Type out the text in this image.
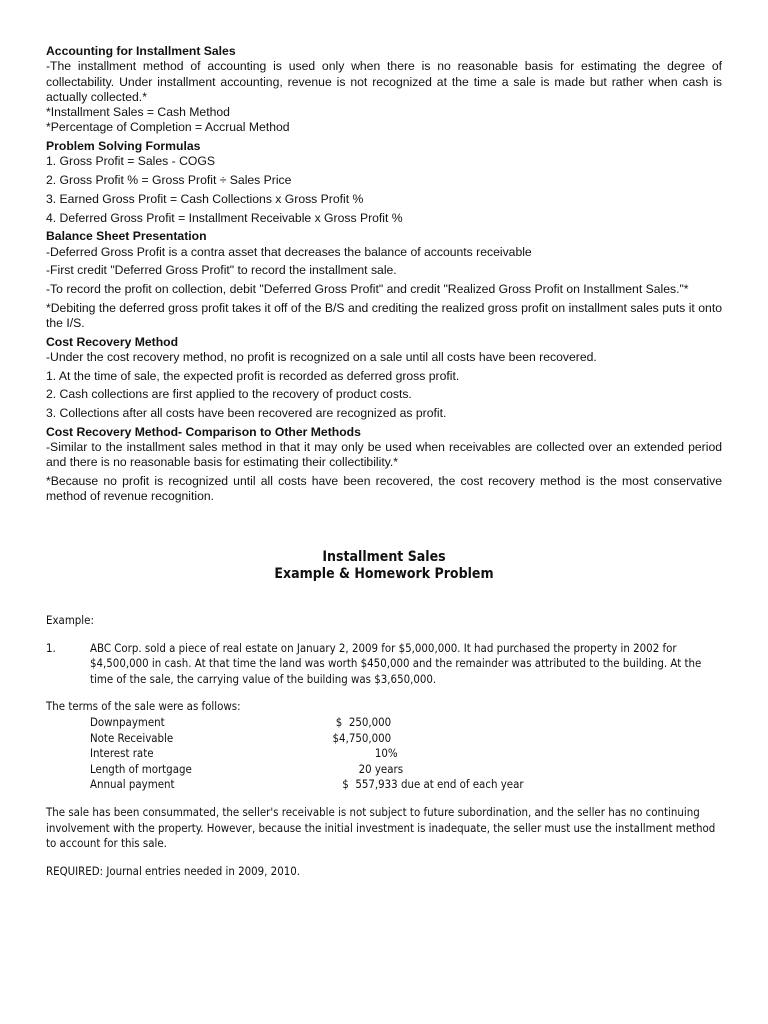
Accounting for Installment Sales
-The installment method of accounting is used only when there is no reasonable basis for estimating the degree of collectability. Under installment accounting, revenue is not recognized at the time a sale is made but rather when cash is actually collected.*
*Installment Sales = Cash Method
*Percentage of Completion = Accrual Method
Problem Solving Formulas
1. Gross Profit = Sales - COGS
2. Gross Profit % = Gross Profit ÷ Sales Price
3. Earned Gross Profit = Cash Collections x Gross Profit %
4. Deferred Gross Profit = Installment Receivable x Gross Profit %
Balance Sheet Presentation
-Deferred Gross Profit is a contra asset that decreases the balance of accounts receivable
-First credit "Deferred Gross Profit" to record the installment sale.
-To record the profit on collection, debit "Deferred Gross Profit" and credit "Realized Gross Profit on Installment Sales."*
*Debiting the deferred gross profit takes it off of the B/S and crediting the realized gross profit on installment sales puts it onto the I/S.
Cost Recovery Method
-Under the cost recovery method, no profit is recognized on a sale until all costs have been recovered.
1. At the time of sale, the expected profit is recorded as deferred gross profit.
2. Cash collections are first applied to the recovery of product costs.
3. Collections after all costs have been recovered are recognized as profit.
Cost Recovery Method- Comparison to Other Methods
-Similar to the installment sales method in that it may only be used when receivables are collected over an extended period and there is no reasonable basis for estimating their collectibility.*
*Because no profit is recognized until all costs have been recovered, the cost recovery method is the most conservative method of revenue recognition.
Installment Sales
Example & Homework Problem
Example:
1.	ABC Corp. sold a piece of real estate on January 2, 2009 for $5,000,000. It had purchased the property in 2002 for $4,500,000 in cash. At that time the land was worth $450,000 and the remainder was attributed to the building. At the time of the sale, the carrying value of the building was $3,650,000.
The terms of the sale were as follows:
Downpayment	$  250,000
Note Receivable	$4,750,000
Interest rate	10%
Length of mortgage	20 years
Annual payment	$  557,933 due at end of each year
The sale has been consummated, the seller's receivable is not subject to future subordination, and the seller has no continuing involvement with the property. However, because the initial investment is inadequate, the seller must use the installment method to account for this sale.
REQUIRED: Journal entries needed in 2009, 2010.
